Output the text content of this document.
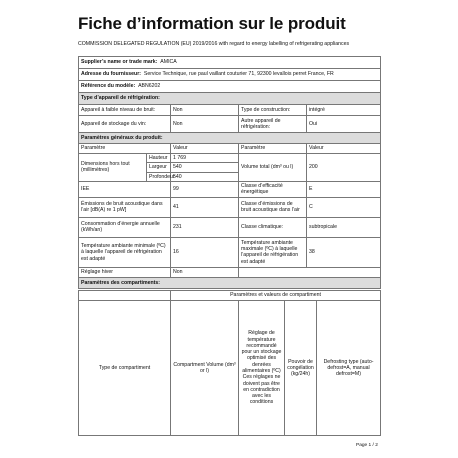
Fiche d’information sur le produit
COMMISSION DELEGATED REGULATION (EU) 2019/2016 with regard to energy labelling of refrigerating appliances
Supplier’s name or trade mark: AMICA
Adresse du fournisseur: Service Technique, rue paul vaillant couturier 71, 92300 levallois perret France, FR
Référence du modèle: ABN6202
Type d’appareil de réfrigération:
Appareil à faible niveau de bruit:	Non	Type de construction:	intégré
Appareil de stockage du vin:	Non	Autre appareil de réfrigération:	Oui
Paramètres généraux du produit:			
Paramètre		Valeur	Paramètre	Valeur
Dimensions hors tout (millimètres)	Hauteur	1 769	Volume total (dm³ ou l)	200
	Largeur	540		
	Profondeur	540		
IEE		99	Classe d’efficacité énergétique	E
Émissions de bruit acoustique dans l’air [dB(A) re 1 pW]		41	Classe d’émissions de bruit acoustique dans l’air	C
Consommation d’énergie annuelle (kWh/an)		231	Classe climatique:	subtropicale
Température ambiante minimale (ºC) à laquelle l’appareil de réfrigération est adapté		16	Température ambiante maximale (ºC) à laquelle l’appareil de réfrigération est adapté	38
Réglage hiver		Non		
Paramètres des compartiments:				
	Paramètres et valeurs de compartiment			
Type de compartiment	Compartment Volume (dm³ or l)	Réglage de température recommandé pour un stockage optimisé des denrées alimentaires (ºC) Ces réglages ne doivent pas être en contradiction avec les conditions	Pouvoir de congélation (kg/24h)	Defrosting type (auto-defrost=A, manual defrost=M)
Page 1 / 2
